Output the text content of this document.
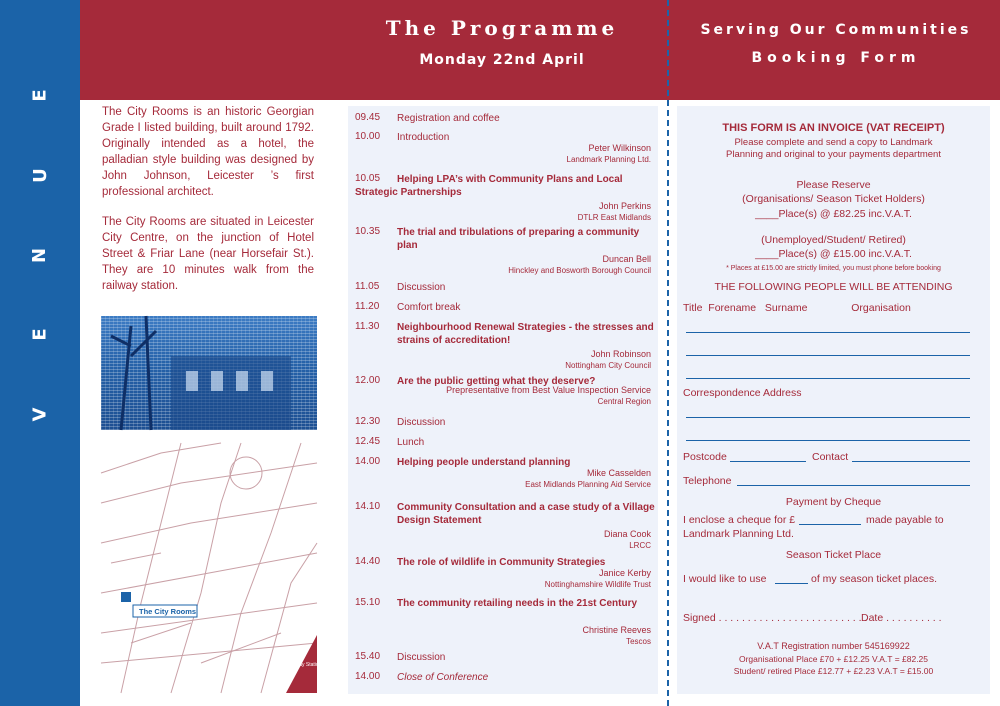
E
U
N
E
V
The Programme
Monday 22nd April
Serving Our Communities
Booking Form

The City Rooms is an historic Georgian Grade I listed building, built around 1792. Originally intended as a hotel, the palladian style building was designed by John Johnson, Leicester ’s first professional architect.

The City Rooms are situated in Leicester City Centre, on the junction of Hotel Street & Friar Lane (near Horsefair St.). They are 10 minutes walk from the railway station.

The City Rooms
Railway Station
09.45 Registration and coffee
10.00 Introduction
Peter Wilkinson
Landmark Planning Ltd.
10.05	Helping LPA’s with Community Plans and Local Strategic Partnerships
John Perkins
DTLR East Midlands
10.35 The trial and tribulations of preparing a community plan
Duncan Bell
Hinckley and Bosworth Borough Council
11.05 Discussion
11.20 Comfort break
11.30 Neighbourhood Renewal Strategies - the stresses and strains of accreditation!
John Robinson
Nottingham City Council
12.00 Are the public getting what they deserve?
Prepresentative from Best Value Inspection Service
Central Region
12.30 Discussion
12.45 Lunch
14.00 Helping people understand planning
Mike Casselden
East Midlands Planning Aid Service
14.10 Community Consultation and a case study of a Village Design Statement
Diana Cook
LRCC
14.40 The role of wildlife in Community Strategies
Janice Kerby
Nottinghamshire Wildlife Trust
15.10 The community retailing needs in the 21st Century
Christine Reeves
Tescos
15.40 Discussion
14.00 Close of Conference
THIS FORM IS AN INVOICE (VAT RECEIPT)
Please complete and send a copy to Landmark Planning and original to your payments department
Please Reserve
(Organisations/ Season Ticket Holders)
____Place(s) @ £82.25 inc.V.A.T.
(Unemployed/Student/ Retired)
____Place(s) @ £15.00 inc.V.A.T.
* Places at £15.00 are strictly limited, you must phone before booking
THE FOLLOWING PEOPLE WILL BE ATTENDING
Title  Forename   Surname               Organisation
Correspondence Address
Postcode	Contact
Telephone
Payment by Cheque
I enclose a cheque for £	made payable to
Landmark Planning Ltd.
Season Ticket Place
I would like to use	of my season ticket places.
Signed . . . . . . . . . . . . . . . . . . . . . . . . . .
Date . . . . . . . . . .
V.A.T Registration number 545169922
Organisational Place £70 + £12.25 V.A.T = £82.25
Student/ retired Place £12.77 + £2.23 V.A.T = £15.00
